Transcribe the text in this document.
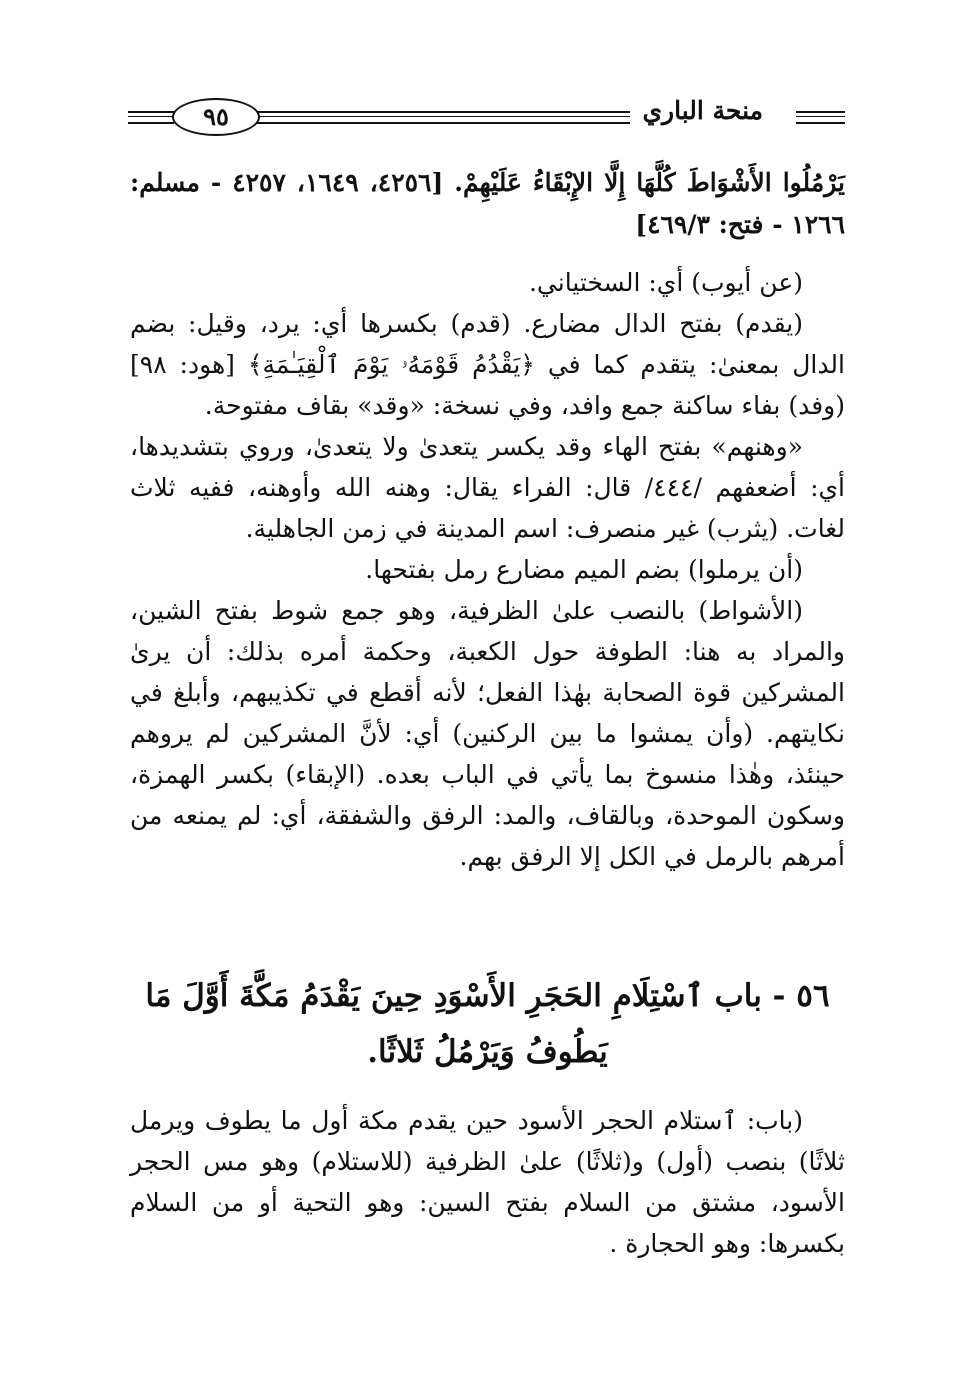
٩٥	منحة الباري
يَرْمُلُوا الأَشْوَاطَ كُلَّهَا إِلَّا الإِبْقَاءُ عَلَيْهِمْ. [٤٢٥٦، ١٦٤٩، ٤٢٥٧ - مسلم: ١٢٦٦ - فتح: ٤٦٩/٣]

(عن أيوب) أي: السختياني.

(يقدم) بفتح الدال مضارع. (قدم) بكسرها أي: يرد، وقيل: بضم الدال بمعنىٰ: يتقدم كما في ﴿يَقْدُمُ قَوْمَهُۥ يَوْمَ ٱلْقِيَـٰمَةِ﴾ [هود: ٩٨] (وفد) بفاء ساكنة جمع وافد، وفي نسخة: «وقد» بقاف مفتوحة.

«وهنهم» بفتح الهاء وقد يكسر يتعدىٰ ولا يتعدىٰ، وروي بتشديدها، أي: أضعفهم /٤٤٤/ قال: الفراء يقال: وهنه الله وأوهنه، ففيه ثلاث لغات. (يثرب) غير منصرف: اسم المدينة في زمن الجاهلية.

(أن يرملوا) بضم الميم مضارع رمل بفتحها.

(الأشواط) بالنصب علىٰ الظرفية، وهو جمع شوط بفتح الشين، والمراد به هنا: الطوفة حول الكعبة، وحكمة أمره بذلك: أن يرىٰ المشركين قوة الصحابة بهٰذا الفعل؛ لأنه أقطع في تكذيبهم، وأبلغ في نكايتهم. (وأن يمشوا ما بين الركنين) أي: لأنَّ المشركين لم يروهم حينئذ، وهٰذا منسوخ بما يأتي في الباب بعده. (الإبقاء) بكسر الهمزة، وسكون الموحدة، وبالقاف، والمد: الرفق والشفقة، أي: لم يمنعه من أمرهم بالرمل في الكل إلا الرفق بهم.

٥٦ - باب ٱسْتِلَامِ الحَجَرِ الأَسْوَدِ حِينَ يَقْدَمُ مَكَّةَ أَوَّلَ مَا يَطُوفُ وَيَرْمُلُ ثَلاثًا.

(باب: ٱستلام الحجر الأسود حين يقدم مكة أول ما يطوف ويرمل ثلاثًا) بنصب (أول) و(ثلاثًا) علىٰ الظرفية (للاستلام) وهو مس الحجر الأسود، مشتق من السلام بفتح السين: وهو التحية أو من السلام بكسرها: وهو الحجارة .
